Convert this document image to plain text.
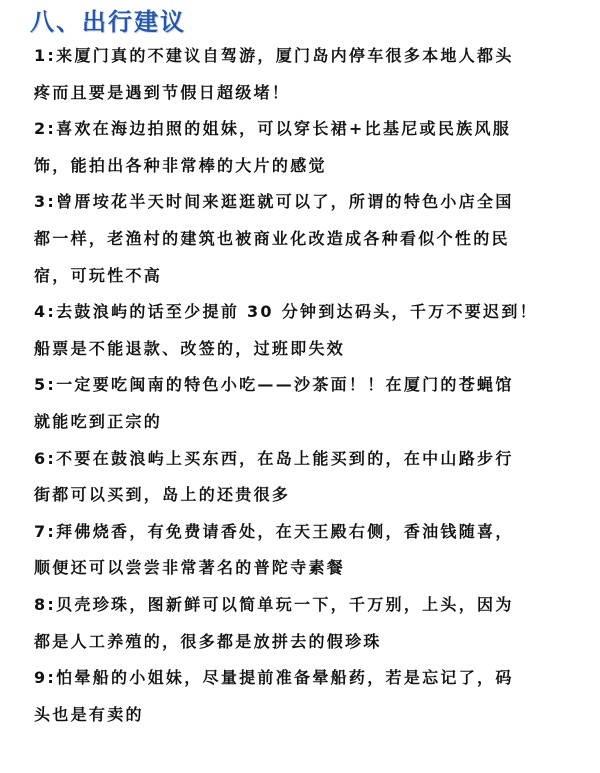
八、出行建议
1:来厦门真的不建议自驾游，厦门岛内停车很多本地人都头
疼而且要是遇到节假日超级堵！
2:喜欢在海边拍照的姐妹，可以穿长裙+比基尼或民族风服
饰，能拍出各种非常棒的大片的感觉
3:曾厝垵花半天时间来逛逛就可以了，所谓的特色小店全国
都一样，老渔村的建筑也被商业化改造成各种看似个性的民
宿，可玩性不高
4:去鼓浪屿的话至少提前 30 分钟到达码头，千万不要迟到！
船票是不能退款、改签的，过班即失效
5:一定要吃闽南的特色小吃——沙茶面！！在厦门的苍蝇馆
就能吃到正宗的
6:不要在鼓浪屿上买东西，在岛上能买到的，在中山路步行
街都可以买到，岛上的还贵很多
7:拜佛烧香，有免费请香处，在天王殿右侧，香油钱随喜，
顺便还可以尝尝非常著名的普陀寺素餐
8:贝壳珍珠，图新鲜可以简单玩一下，千万别，上头，因为
都是人工养殖的，很多都是放拼去的假珍珠
9:怕晕船的小姐妹，尽量提前准备晕船药，若是忘记了，码
头也是有卖的
